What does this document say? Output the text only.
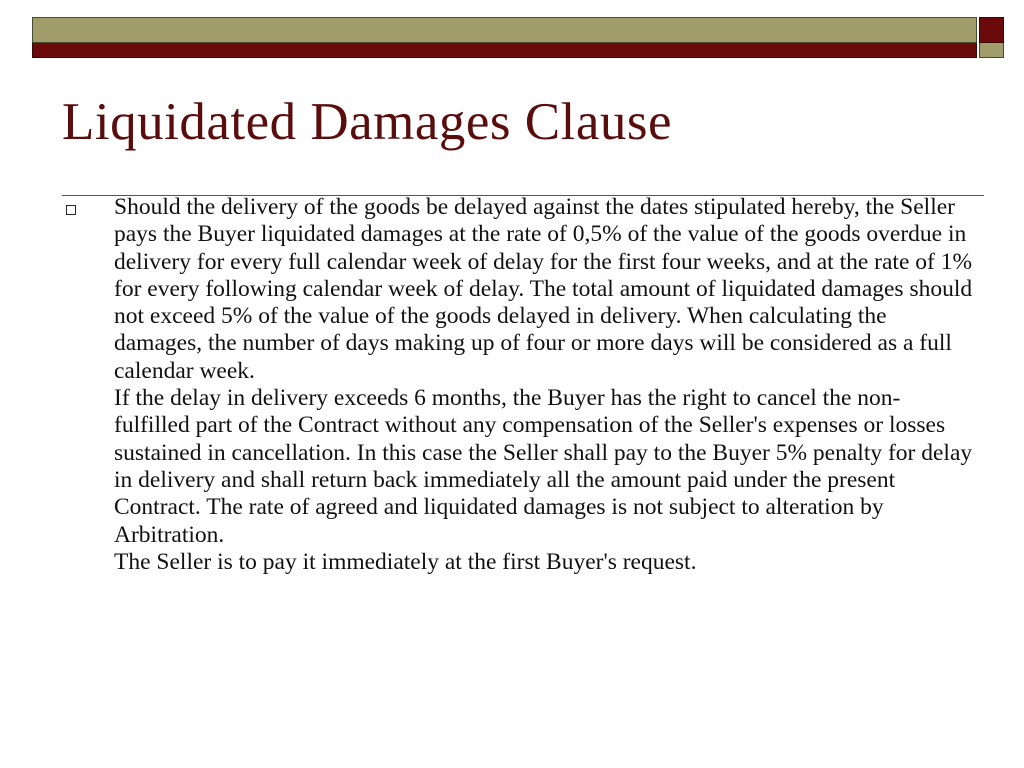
Liquidated Damages Clause

Should the delivery of the goods be delayed against the dates stipulated hereby, the Seller pays the Buyer liquidated damages at the rate of 0,5% of the value of the goods overdue in delivery for every full calendar week of delay for the first four weeks, and at the rate of 1% for every following calendar week of delay. The total amount of liquidated damages should not exceed 5% of the value of the goods delayed in delivery. When calculating the damages, the number of days making up of four or more days will be considered as a full calendar week.

If the delay in delivery exceeds 6 months, the Buyer has the right to cancel the non-fulfilled part of the Contract without any compensation of the Seller's expenses or losses sustained in cancellation. In this case the Seller shall pay to the Buyer 5% penalty for delay in delivery and shall return back immediately all the amount paid under the present Contract. The rate of agreed and liquidated damages is not subject to alteration by Arbitration.

The Seller is to pay it immediately at the first Buyer's request.
